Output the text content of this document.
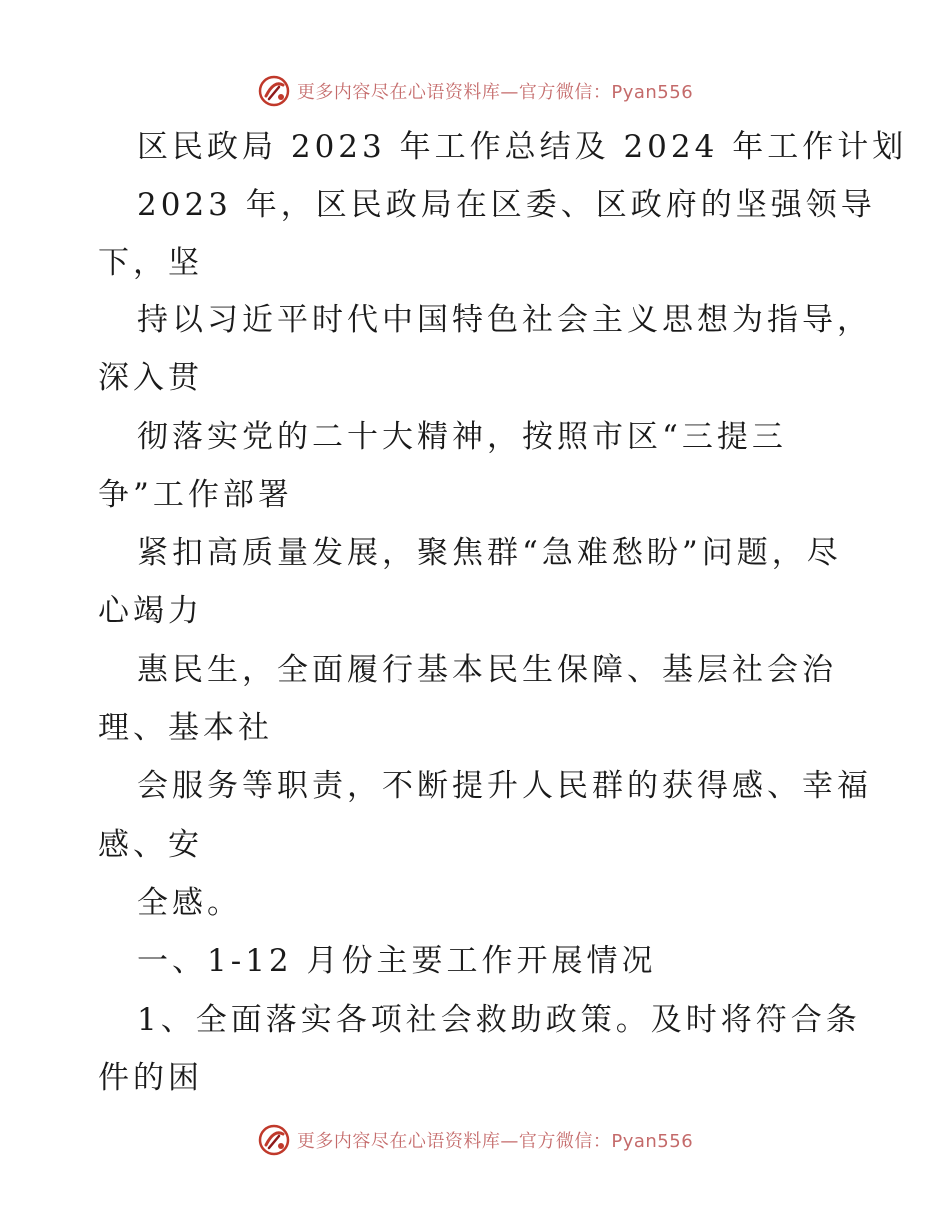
更多内容尽在心语资料库—官方微信：Pyan556
区民政局 2023 年工作总结及 2024 年工作计划
2023 年，区民政局在区委、区政府的坚强领导
下，坚
持以习近平时代中国特色社会主义思想为指导，
深入贯
彻落实党的二十大精神，按照市区“三提三
争”工作部署
紧扣高质量发展，聚焦群“急难愁盼”问题，尽
心竭力
惠民生，全面履行基本民生保障、基层社会治
理、基本社
会服务等职责，不断提升人民群的获得感、幸福
感、安
全感。
一、1-12 月份主要工作开展情况
1、全面落实各项社会救助政策。及时将符合条
件的困
更多内容尽在心语资料库—官方微信：Pyan556
